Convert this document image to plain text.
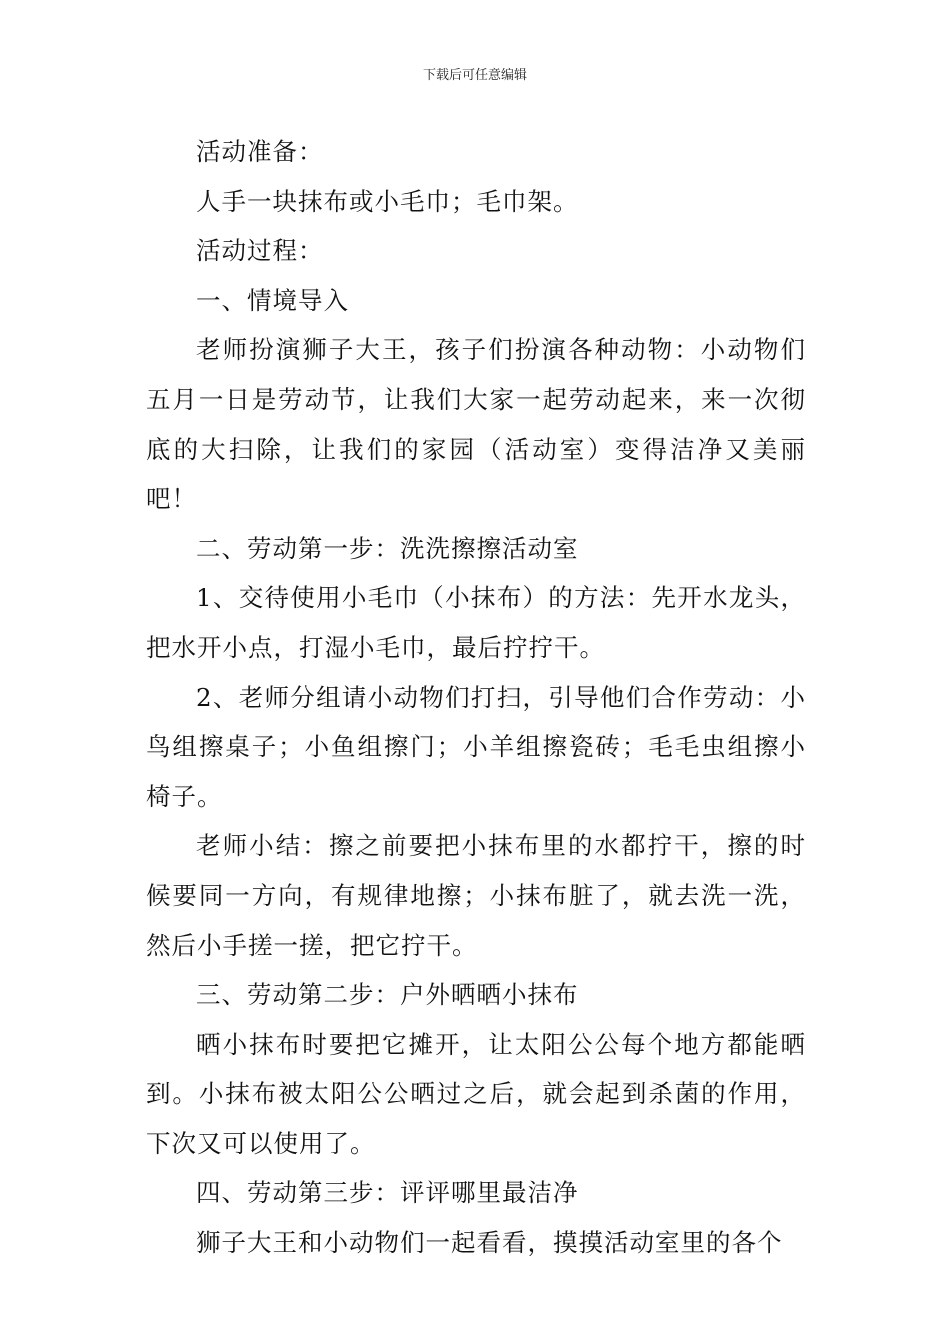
下载后可任意编辑

活动准备：

人手一块抹布或小毛巾；毛巾架。

活动过程：

一、情境导入

老师扮演狮子大王，孩子们扮演各种动物：小动物们五月一日是劳动节，让我们大家一起劳动起来，来一次彻底的大扫除，让我们的家园（活动室）变得洁净又美丽吧！

二、劳动第一步：洗洗擦擦活动室

1、交待使用小毛巾（小抹布）的方法：先开水龙头，把水开小点，打湿小毛巾，最后拧拧干。

2、老师分组请小动物们打扫，引导他们合作劳动：小鸟组擦桌子；小鱼组擦门；小羊组擦瓷砖；毛毛虫组擦小椅子。

老师小结：擦之前要把小抹布里的水都拧干，擦的时候要同一方向，有规律地擦；小抹布脏了，就去洗一洗，然后小手搓一搓，把它拧干。

三、劳动第二步：户外晒晒小抹布

晒小抹布时要把它摊开，让太阳公公每个地方都能晒到。小抹布被太阳公公晒过之后，就会起到杀菌的作用，下次又可以使用了。

四、劳动第三步：评评哪里最洁净

狮子大王和小动物们一起看看，摸摸活动室里的各个
